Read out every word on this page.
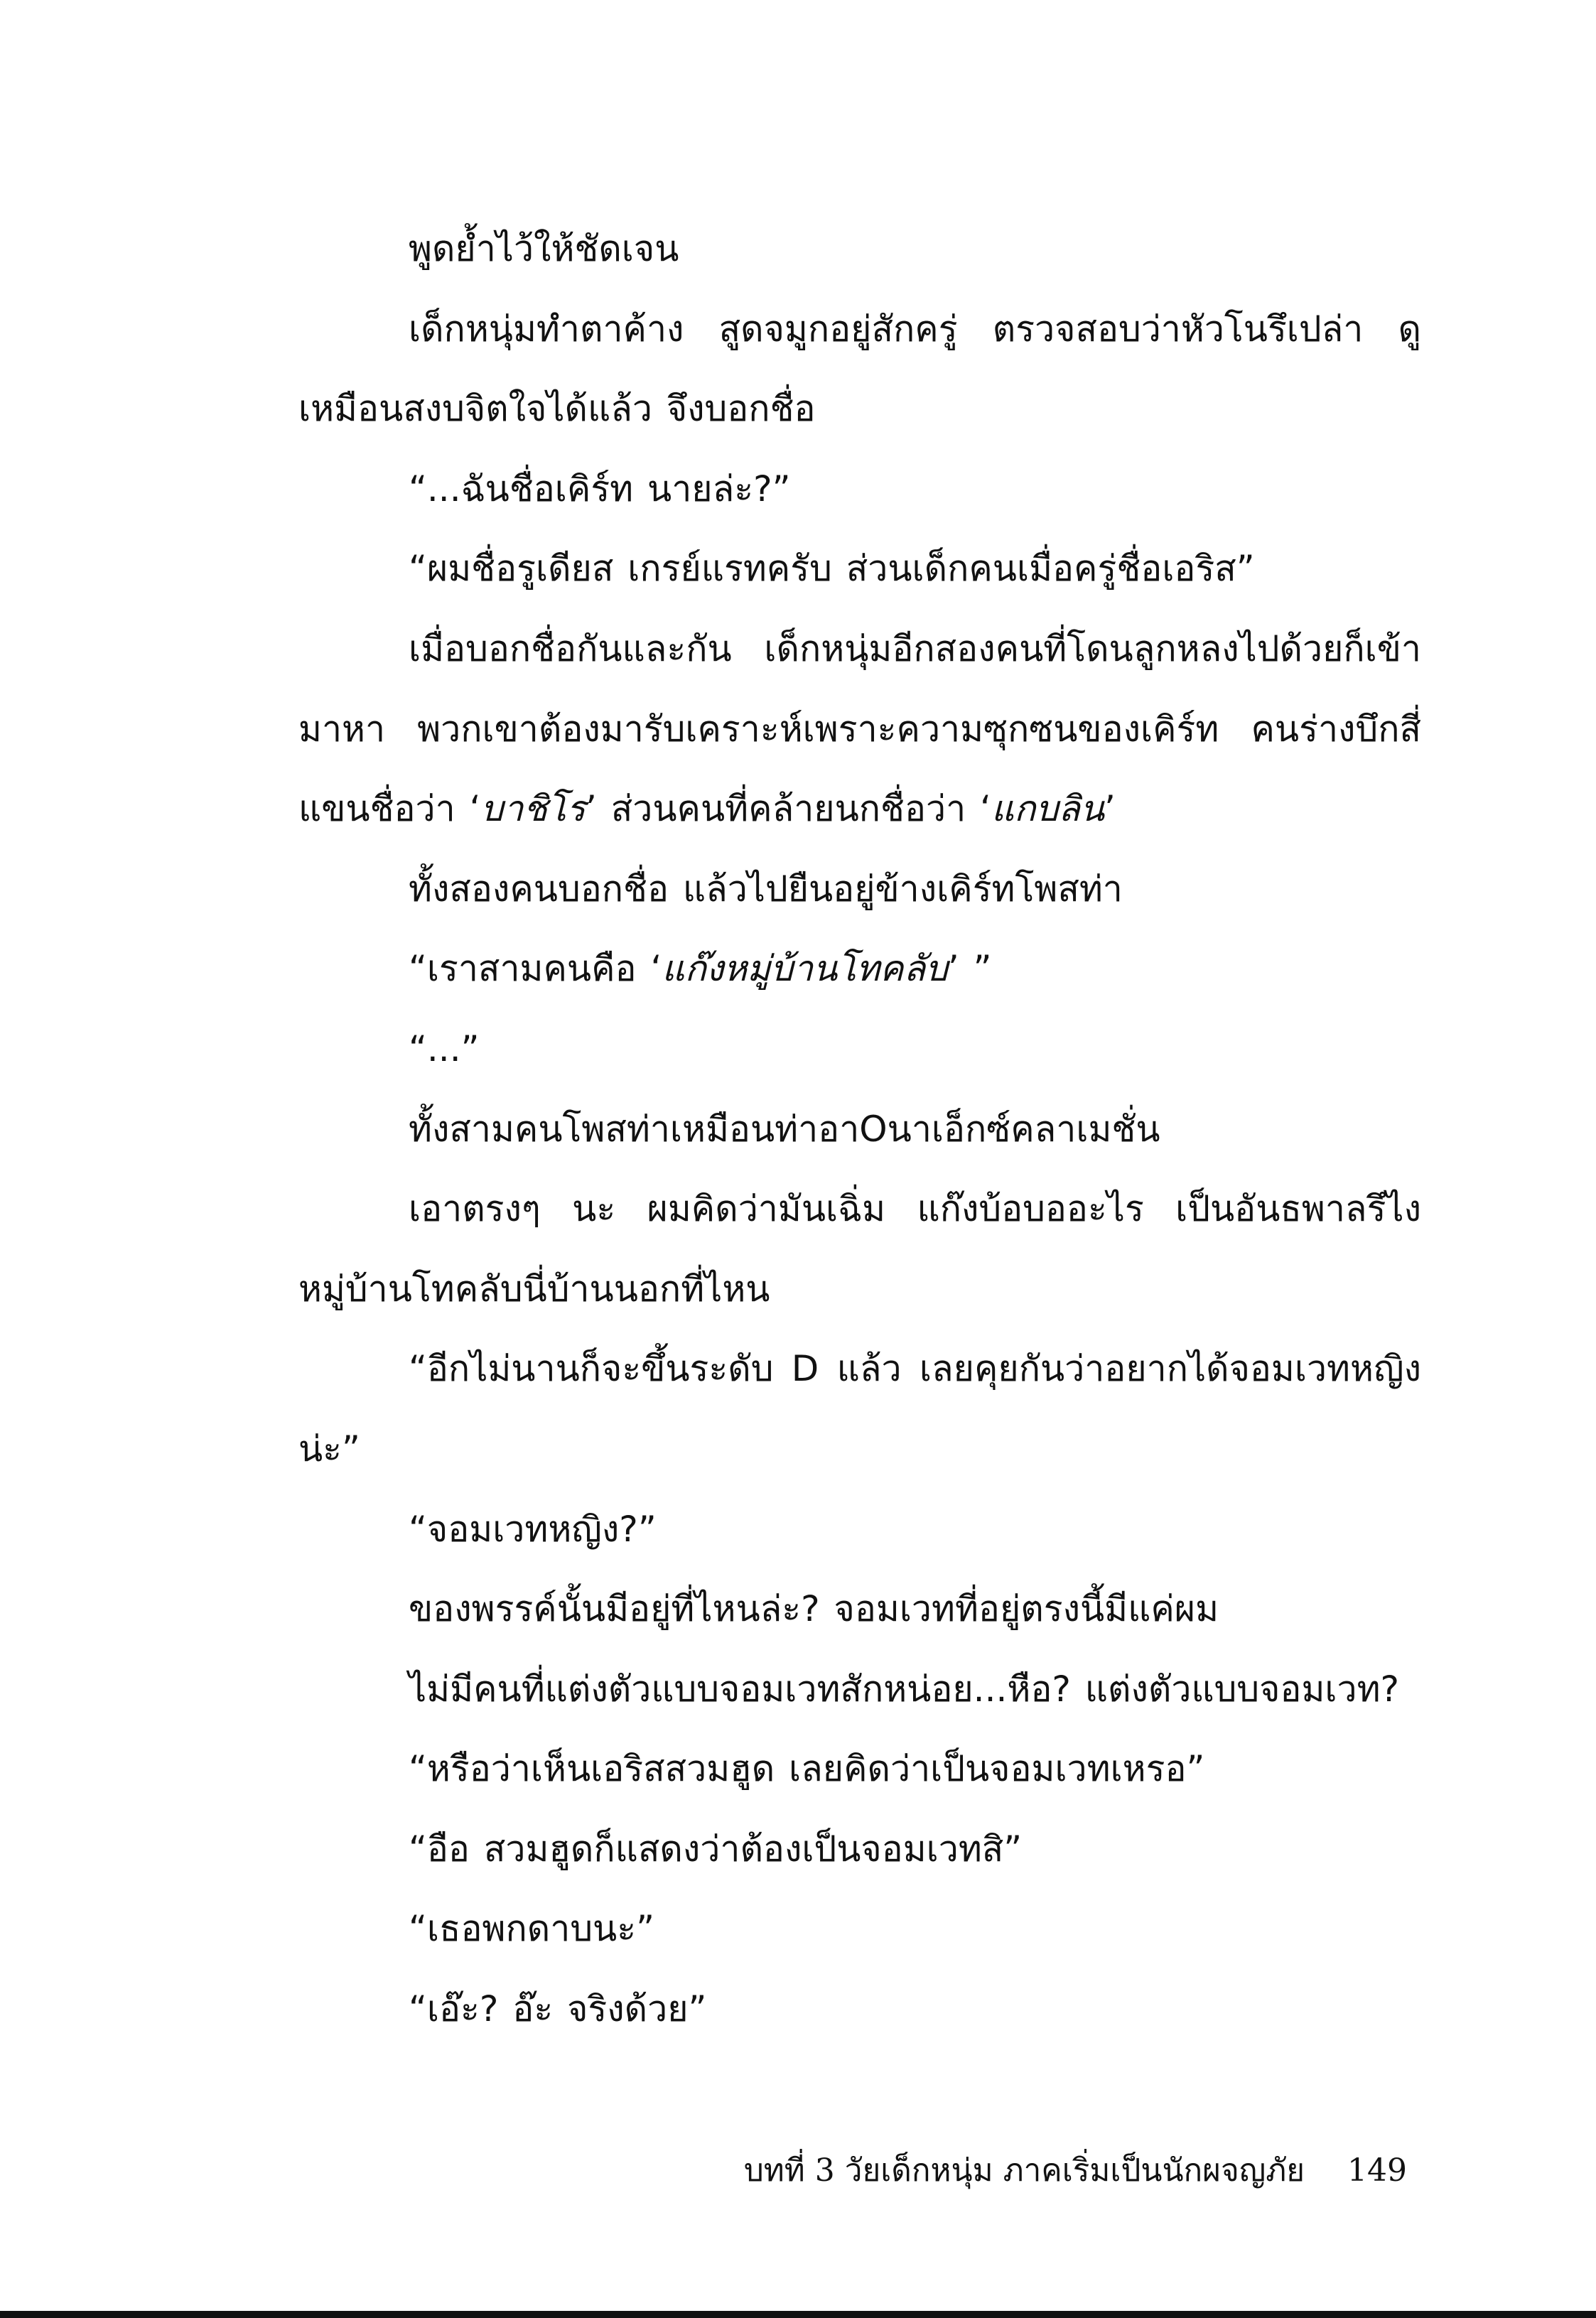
พูดย้ำไว้ให้ชัดเจน

เด็กหนุ่มทำตาค้าง สูดจมูกอยู่สักครู่ ตรวจสอบว่าหัวโนรึเปล่า ดูเหมือนสงบจิตใจได้แล้ว จึงบอกชื่อ

“...ฉันชื่อเคิร์ท นายล่ะ?”

“ผมชื่อรูเดียส เกรย์แรทครับ ส่วนเด็กคนเมื่อครู่ชื่อเอริส”

เมื่อบอกชื่อกันและกัน เด็กหนุ่มอีกสองคนที่โดนลูกหลงไปด้วยก็เข้ามาหา พวกเขาต้องมารับเคราะห์เพราะความซุกซนของเคิร์ท คนร่างบึกสี่แขนชื่อว่า ‘บาชิโร’ ส่วนคนที่คล้ายนกชื่อว่า ‘แกบลิน’

ทั้งสองคนบอกชื่อ แล้วไปยืนอยู่ข้างเคิร์ทโพสท่า

“เราสามคนคือ ‘แก๊งหมู่บ้านโทคลับ’ ”

“...”

ทั้งสามคนโพสท่าเหมือนท่าอาOนาเอ็กซ์คลาเมชั่น

เอาตรงๆ นะ ผมคิดว่ามันเฉิ่ม แก๊งบ้อบออะไร เป็นอันธพาลรึไง หมู่บ้านโทคลับนี่บ้านนอกที่ไหน

“อีกไม่นานก็จะขึ้นระดับ D แล้ว เลยคุยกันว่าอยากได้จอมเวทหญิงน่ะ”

“จอมเวทหญิง?”

ของพรรค์นั้นมีอยู่ที่ไหนล่ะ? จอมเวทที่อยู่ตรงนี้มีแค่ผม

ไม่มีคนที่แต่งตัวแบบจอมเวทสักหน่อย...หือ? แต่งตัวแบบจอมเวท?

“หรือว่าเห็นเอริสสวมฮูด เลยคิดว่าเป็นจอมเวทเหรอ”

“อือ สวมฮูดก็แสดงว่าต้องเป็นจอมเวทสิ”

“เธอพกดาบนะ”

“เอ๊ะ? อ๊ะ จริงด้วย”

บทที่ 3 วัยเด็กหนุ่ม ภาคเริ่มเป็นนักผจญภัย 149
